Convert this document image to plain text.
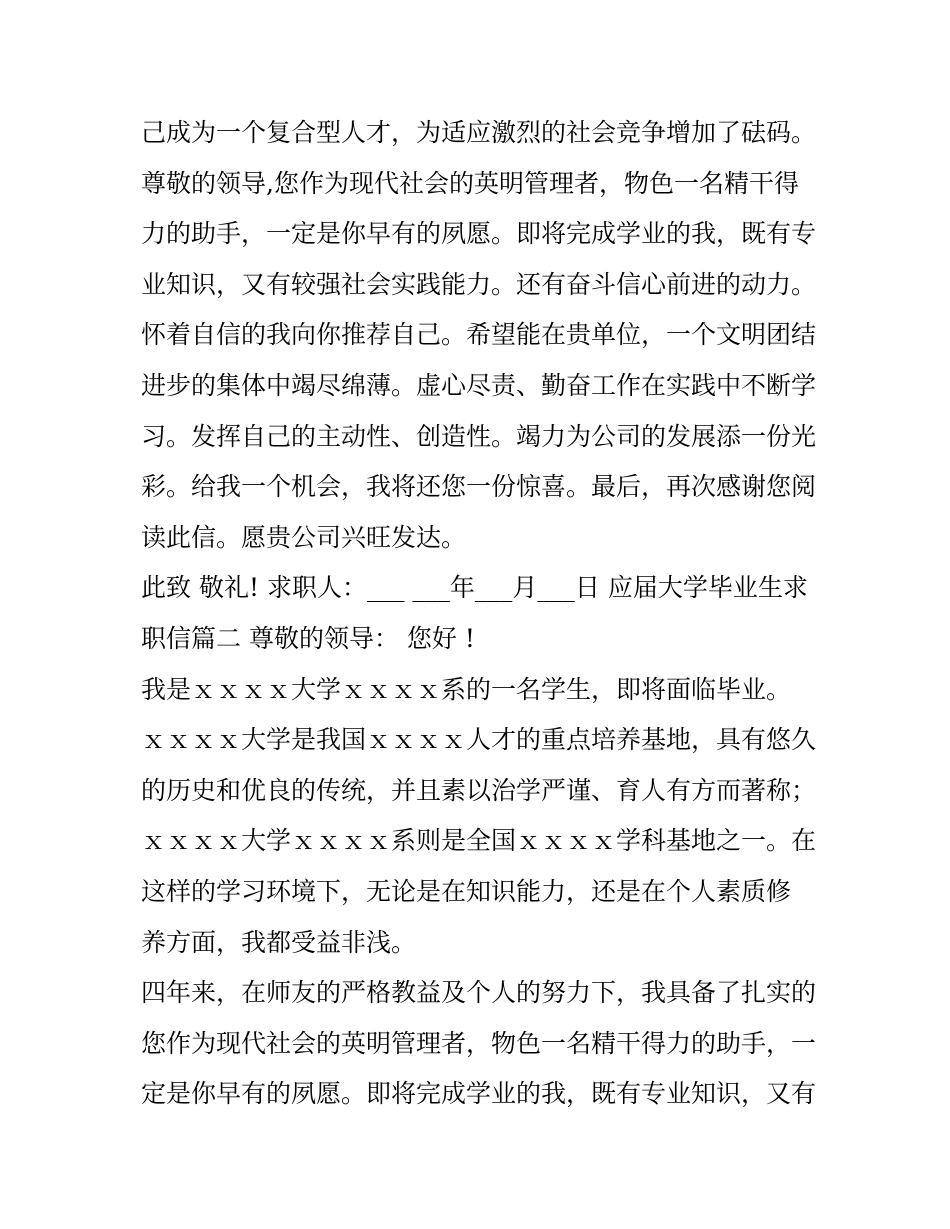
己成为一个复合型人才，为适应激烈的社会竞争增加了砝码。
尊敬的领导,您作为现代社会的英明管理者，物色一名精干得
力的助手，一定是你早有的夙愿。即将完成学业的我，既有专
业知识，又有较强社会实践能力。还有奋斗信心前进的动力。
怀着自信的我向你推荐自己。希望能在贵单位，一个文明团结
进步的集体中竭尽绵薄。虚心尽责、勤奋工作在实践中不断学
习。发挥自己的主动性、创造性。竭力为公司的发展添一份光
彩。给我一个机会，我将还您一份惊喜。最后，再次感谢您阅
读此信。愿贵公司兴旺发达。
此致 敬礼! 求职人：___ ___年___月___日 应届大学毕业生求
职信篇二 尊敬的领导： 您好 !
我是ｘｘｘｘ大学ｘｘｘｘ系的一名学生，即将面临毕业。
ｘｘｘｘ大学是我国ｘｘｘｘ人才的重点培养基地，具有悠久
的历史和优良的传统，并且素以治学严谨、育人有方而著称；
ｘｘｘｘ大学ｘｘｘｘ系则是全国ｘｘｘｘ学科基地之一。在
这样的学习环境下，无论是在知识能力，还是在个人素质修
养方面，我都受益非浅。
四年来，在师友的严格教益及个人的努力下，我具备了扎实的
您作为现代社会的英明管理者，物色一名精干得力的助手，一
定是你早有的夙愿。即将完成学业的我，既有专业知识，又有
